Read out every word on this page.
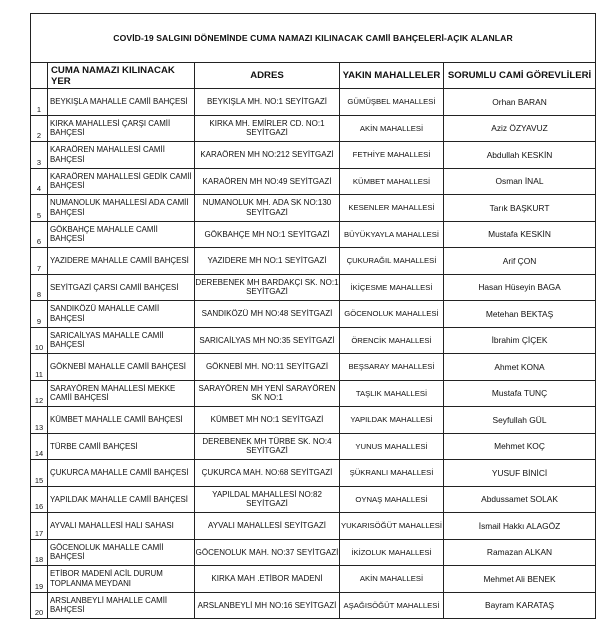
COVİD-19 SALGINI DÖNEMİNDE CUMA NAMAZI KILINACAK CAMİİ BAHÇELERİ-AÇIK ALANLAR				
	CUMA NAMAZI KILINACAK YER	ADRES	YAKIN MAHALLELER	SORUMLU CAMİ GÖREVLİLERİ
1	BEYKIŞLA MAHALLE CAMİİ BAHÇESİ	BEYKIŞLA MH. NO:1 SEYİTGAZİ	GÜMÜŞBEL MAHALLESİ	Orhan BARAN
2	KIRKA MAHALLESİ ÇARŞI CAMİİ BAHÇESİ	KIRKA MH. EMİRLER CD. NO:1 SEYİTGAZİ	AKİN MAHALLESİ	Aziz ÖZYAVUZ
3	KARAÖREN MAHALLESİ CAMİİ BAHÇESİ	KARAÖREN MH NO:212 SEYİTGAZİ	FETHİYE MAHALLESİ	Abdullah KESKİN
4	KARAÖREN MAHALLESİ GEDİK CAMİİ BAHÇESİ	KARAÖREN MH NO:49 SEYİTGAZİ	KÜMBET MAHALLESİ	Osman İNAL
5	NUMANOLUK MAHALLESİ ADA CAMİİ BAHÇESİ	NUMANOLUK MH. ADA SK NO:130 SEYİTGAZİ	KESENLER MAHALLESİ	Tarık BAŞKURT
6	GÖKBAHÇE MAHALLE CAMİİ BAHÇESİ	GÖKBAHÇE MH NO:1 SEYİTGAZİ	BÜYÜKYAYLA MAHALLESİ	Mustafa KESKİN
7	YAZIDERE MAHALLE CAMİİ BAHÇESİ	YAZIDERE MH NO:1 SEYİTGAZİ	ÇUKURAĞIL MAHALLESİ	Arif ÇON
8	SEYİTGAZİ ÇARSI CAMİİ BAHÇESİ	DEREBENEK MH BARDAKÇI SK. NO:1 SEYİTGAZİ	İKİÇESME MAHALLESİ	Hasan Hüseyin BAGA
9	SANDIKÖZÜ MAHALLE CAMİİ BAHÇESİ	SANDIKÖZÜ MH NO:48 SEYİTGAZİ	GÖCENOLUK MAHALLESİ	Metehan BEKTAŞ
10	SARICAİLYAS MAHALLE CAMİİ BAHÇESİ	SARICAİLYAS MH NO:35 SEYİTGAZİ	ÖRENCİK MAHALLESİ	İbrahim ÇİÇEK
11	GÖKNEBİ MAHALLE CAMİİ BAHÇESİ	GÖKNEBİ MH. NO:11 SEYİTGAZİ	BEŞSARAY MAHALLESİ	Ahmet KONA
12	SARAYÖREN MAHALLESİ MEKKE CAMİİ BAHÇESİ	SARAYÖREN MH YENİ SARAYÖREN SK NO:1	TAŞLIK MAHALLESİ	Mustafa TUNÇ
13	KÜMBET MAHALLE CAMİİ BAHÇESİ	KÜMBET MH NO:1 SEYİTGAZİ	YAPILDAK MAHALLESİ	Seyfullah GÜL
14	TÜRBE CAMİİ BAHÇESİ	DEREBENEK MH TÜRBE SK. NO:4 SEYİTGAZİ	YUNUS MAHALLESİ	Mehmet KOÇ
15	ÇUKURCA MAHALLE CAMİİ BAHÇESİ	ÇUKURCA MAH. NO:68 SEYİTGAZİ	ŞÜKRANLI MAHALLESİ	YUSUF BİNİCİ
16	YAPILDAK MAHALLE CAMİİ BAHÇESİ	YAPILDAL MAHALLESİ NO:82 SEYİTGAZİ	OYNAŞ MAHALLESİ	Abdussamet SOLAK
17	AYVALI MAHALLESİ HALI SAHASI	AYVALI MAHALLESİ SEYİTGAZİ	YUKARISÖĞÜT MAHALLESİ	İsmail Hakkı ALAGÖZ
18	GÖCENOLUK MAHALLE CAMİİ BAHÇESİ	GÖCENOLUK MAH. NO:37 SEYİTGAZİ	İKİZOLUK MAHALLESİ	Ramazan ALKAN
19	ETİBOR MADENİ ACİL DURUM TOPLANMA MEYDANI	KIRKA MAH .ETİBOR MADENİ	AKİN MAHALLESİ	Mehmet Ali BENEK
20	ARSLANBEYLİ MAHALLE CAMİİ BAHÇESİ	ARSLANBEYLİ MH NO:16 SEYİTGAZİ	AŞAĞISÖĞÜT MAHALLESİ	Bayram KARATAŞ
